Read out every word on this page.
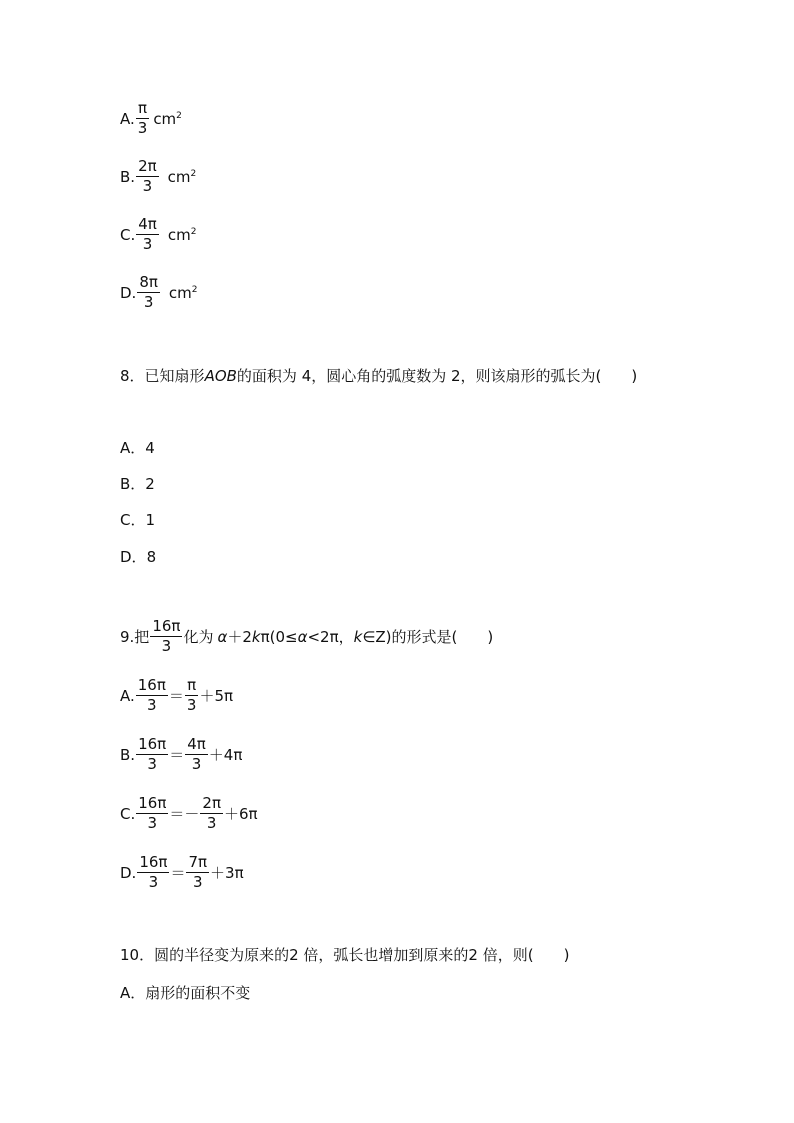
A. $\frac{\pi}{3} cm^2$
B. $\frac{2\pi}{3} cm^2$
C. $\frac{4\pi}{3} cm^2$
D. $\frac{8\pi}{3} cm^2$
8．已知扇形AOB的面积为 4，圆心角的弧度数为 2，则该扇形的弧长为(　　)
A．4
B．2
C．1
D．8
9.把 $\frac{16\pi}{3}$ 化为 α ＋2 k π(0≤ α <2π， k ∈Z)的形式是(　　)
A. $\frac{16\pi}{3} = \frac{\pi}{3} +5\pi$
B. $\frac{16\pi}{3} = \frac{4\pi}{3} +4\pi$
C. $\frac{16\pi}{3}$ ＝ － $\frac{2\pi}{3} +6\pi$
D. $\frac{16\pi}{3} = \frac{7\pi}{3} +3\pi$
10．圆的半径变为原来的2 倍，弧长也增加到原来的2 倍，则(　　)
A．扇形的面积不变
